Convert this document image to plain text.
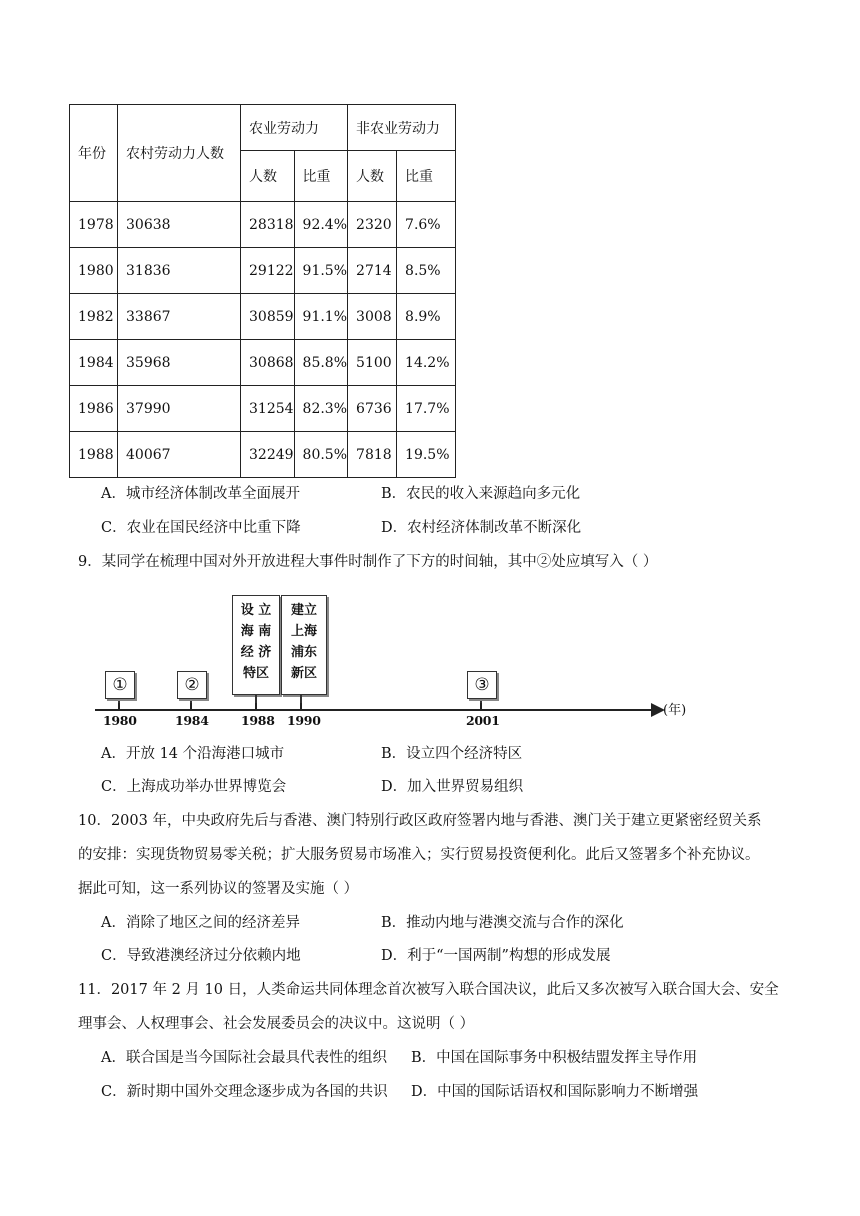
年份	农村劳动力人数	农业劳动力		非农业劳动力	
		人数	比重	人数	比重
1978	30638	28318	92.4%	2320	7.6%
1980	31836	29122	91.5%	2714	8.5%
1982	33867	30859	91.1%	3008	8.9%
1984	35968	30868	85.8%	5100	14.2%
1986	37990	31254	82.3%	6736	17.7%
1988	40067	32249	80.5%	7818	19.5%
A．城市经济体制改革全面展开	B．农民的收入来源趋向多元化
C．农业在国民经济中比重下降	D．农村经济体制改革不断深化
9．某同学在梳理中国对外开放进程大事件时制作了下方的时间轴，其中②处应填写入（ ）
(年)
①
1980
②
1984
设 立
海 南
经 济
特区
1988
建立
上海
浦东
新区
1990
③
2001
A．开放 14 个沿海港口城市	B．设立四个经济特区
C．上海成功举办世界博览会	D．加入世界贸易组织
10．2003 年，中央政府先后与香港、澳门特别行政区政府签署内地与香港、澳门关于建立更紧密经贸关系
的安排：实现货物贸易零关税；扩大服务贸易市场准入；实行贸易投资便利化。此后又签署多个补充协议。
据此可知，这一系列协议的签署及实施（ ）
A．消除了地区之间的经济差异	B．推动内地与港澳交流与合作的深化
C．导致港澳经济过分依赖内地	D．利于“一国两制”构想的形成发展
11．2017 年 2 月 10 日，人类命运共同体理念首次被写入联合国决议，此后又多次被写入联合国大会、安全
理事会、人权理事会、社会发展委员会的决议中。这说明（ ）
A．联合国是当今国际社会最具代表性的组织 B．中国在国际事务中积极结盟发挥主导作用
C．新时期中国外交理念逐步成为各国的共识 D．中国的国际话语权和国际影响力不断增强
